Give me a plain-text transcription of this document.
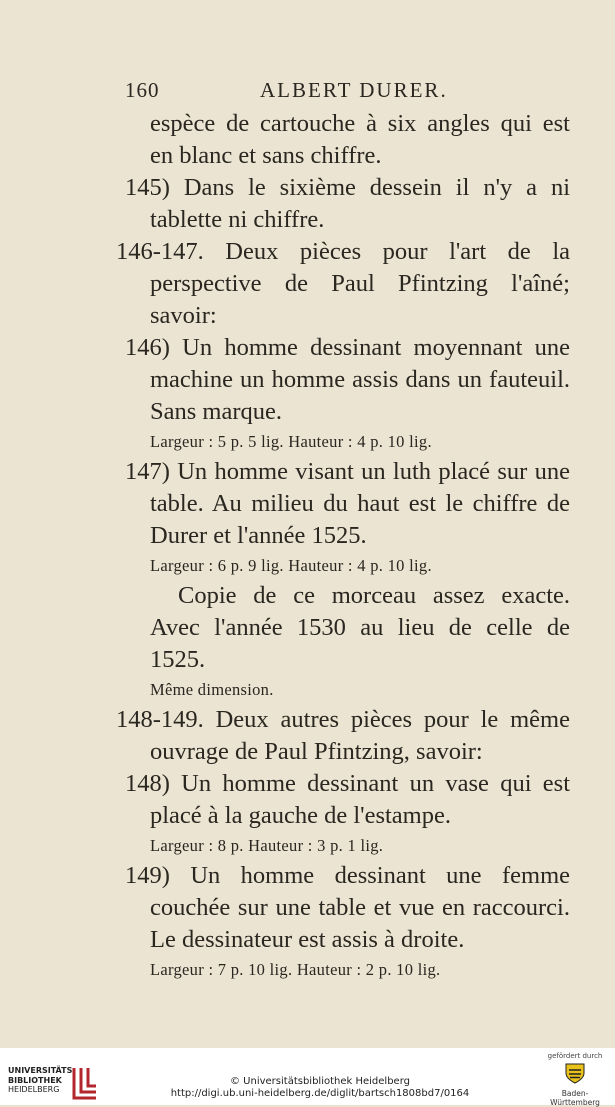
160	ALBERT DURER.

espèce de cartouche à six angles qui est

en blanc et sans chiffre.

145) Dans le sixième dessein il n'y a ni tablette ni chiffre.

146-147. Deux pièces pour l'art de la perspective de Paul Pfintzing l'aîné; savoir:

146) Un homme dessinant moyennant une machine un homme assis dans un fauteuil. Sans marque.

Largeur : 5 p. 5 lig. Hauteur : 4 p. 10 lig.

147) Un homme visant un luth placé sur une table. Au milieu du haut est le chiffre de Durer et l'année 1525.

Largeur : 6 p. 9 lig. Hauteur : 4 p. 10 lig.

Copie de ce morceau assez exacte. Avec l'année 1530 au lieu de celle de 1525.

Même dimension.

148-149. Deux autres pièces pour le même ouvrage de Paul Pfintzing, savoir:

148) Un homme dessinant un vase qui est placé à la gauche de l'estampe.

Largeur : 8 p. Hauteur : 3 p. 1 lig.

149) Un homme dessinant une femme couchée sur une table et vue en raccourci. Le dessinateur est assis à droite.

Largeur : 7 p. 10 lig. Hauteur : 2 p. 10 lig.

UNIVERSITÄTS-
BIBLIOTHEK
HEIDELBERG
© Universitätsbibliothek Heidelberg
http://digi.ub.uni-heidelberg.de/diglit/bartsch1808bd7/0164
gefördert durch
Baden-Württemberg
